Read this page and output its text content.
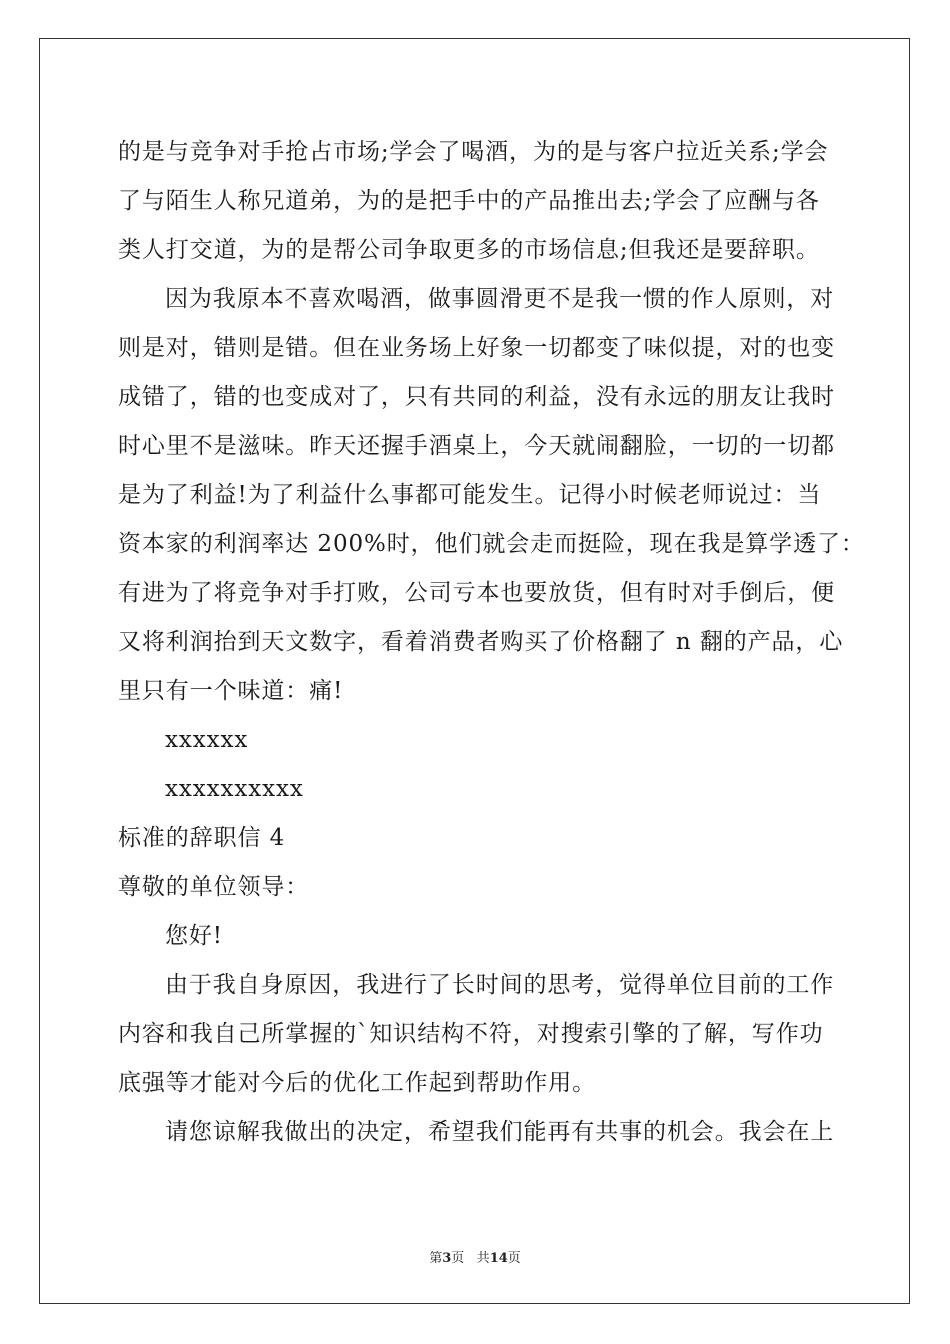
的是与竞争对手抢占市场;学会了喝酒，为的是与客户拉近关系;学会
了与陌生人称兄道弟，为的是把手中的产品推出去;学会了应酬与各
类人打交道，为的是帮公司争取更多的市场信息;但我还是要辞职。
因为我原本不喜欢喝酒，做事圆滑更不是我一惯的作人原则，对
则是对，错则是错。但在业务场上好象一切都变了味似提，对的也变
成错了，错的也变成对了，只有共同的利益，没有永远的朋友让我时
时心里不是滋味。昨天还握手酒桌上，今天就闹翻脸，一切的一切都
是为了利益!为了利益什么事都可能发生。记得小时候老师说过：当
资本家的利润率达 200%时，他们就会走而挺险，现在我是算学透了：
有进为了将竞争对手打败，公司亏本也要放货，但有时对手倒后，便
又将利润抬到天文数字，看着消费者购买了价格翻了 n 翻的产品，心
里只有一个味道：痛!
xxxxxx
xxxxxxxxxx
标准的辞职信 4
尊敬的单位领导：
您好!
由于我自身原因，我进行了长时间的思考，觉得单位目前的工作
内容和我自己所掌握的`知识结构不符，对搜索引擎的了解，写作功
底强等才能对今后的优化工作起到帮助作用。
请您谅解我做出的决定，希望我们能再有共事的机会。我会在上
第3页 共14页
